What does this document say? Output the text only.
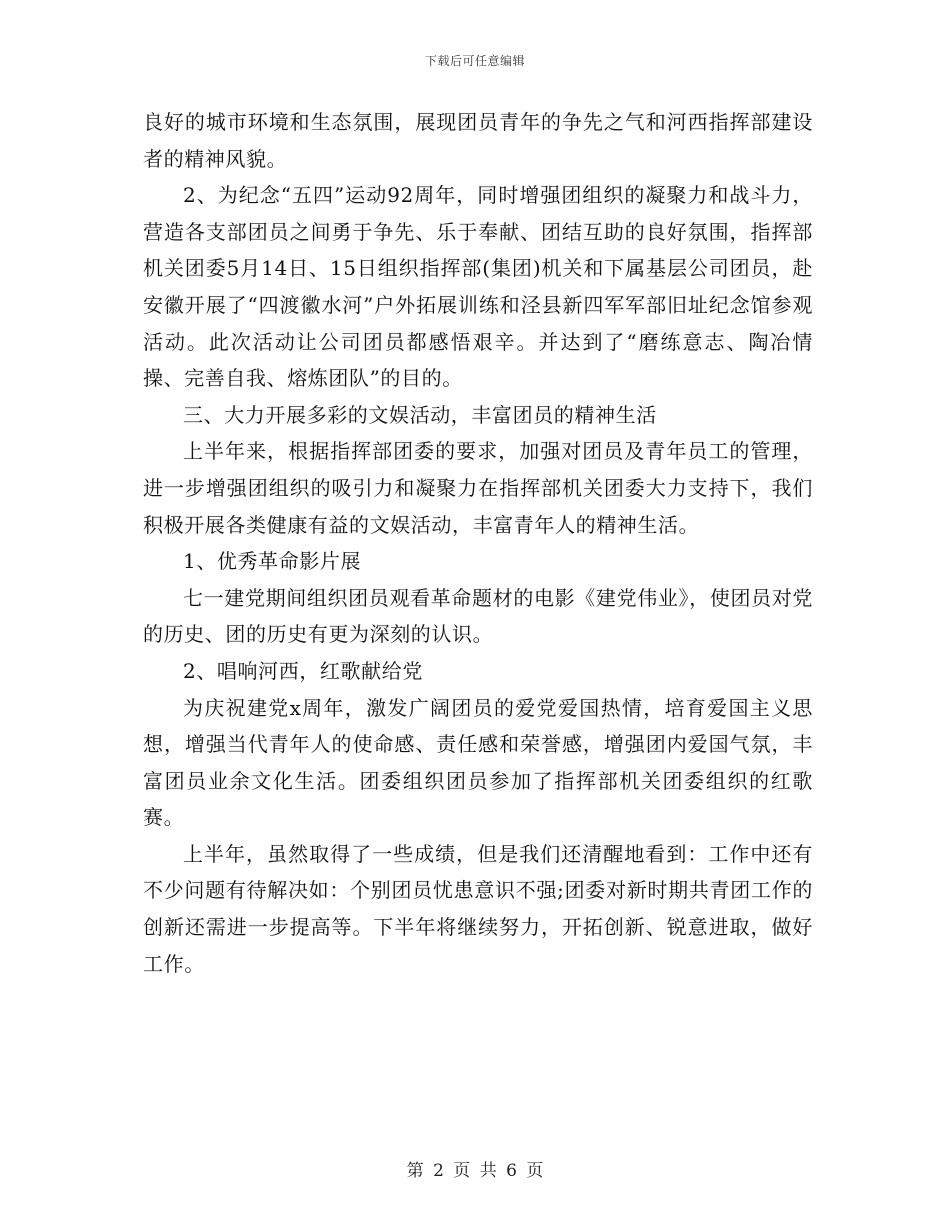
下载后可任意编辑

良好的城市环境和生态氛围，展现团员青年的争先之气和河西指挥部建设者的精神风貌。

2、为纪念“五四”运动92周年，同时增强团组织的凝聚力和战斗力，营造各支部团员之间勇于争先、乐于奉献、团结互助的良好氛围，指挥部机关团委5月14日、15日组织指挥部(集团)机关和下属基层公司团员，赴安徽开展了“四渡徽水河”户外拓展训练和泾县新四军军部旧址纪念馆参观活动。此次活动让公司团员都感悟艰辛。并达到了“磨练意志、陶冶情操、完善自我、熔炼团队”的目的。

三、大力开展多彩的文娱活动，丰富团员的精神生活

上半年来，根据指挥部团委的要求，加强对团员及青年员工的管理，进一步增强团组织的吸引力和凝聚力在指挥部机关团委大力支持下，我们积极开展各类健康有益的文娱活动，丰富青年人的精神生活。

1、优秀革命影片展

七一建党期间组织团员观看革命题材的电影《建党伟业》，使团员对党的历史、团的历史有更为深刻的认识。

2、唱响河西，红歌献给党

为庆祝建党x周年，激发广阔团员的爱党爱国热情，培育爱国主义思想，增强当代青年人的使命感、责任感和荣誉感，增强团内爱国气氛，丰富团员业余文化生活。团委组织团员参加了指挥部机关团委组织的红歌赛。

上半年，虽然取得了一些成绩，但是我们还清醒地看到：工作中还有不少问题有待解决如：个别团员忧患意识不强;团委对新时期共青团工作的创新还需进一步提高等。下半年将继续努力，开拓创新、锐意进取，做好工作。

第 2 页 共 6 页
